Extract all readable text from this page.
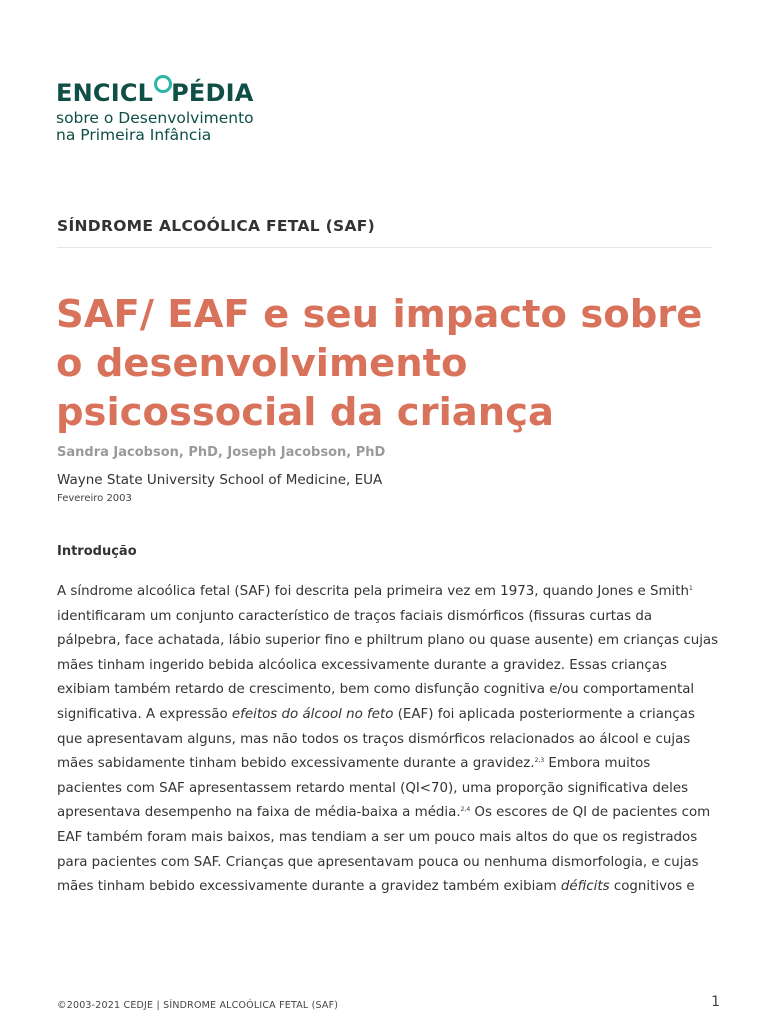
ENCICL PÉDIA
sobre o Desenvolvimento
na Primeira Infância
SÍNDROME ALCOÓLICA FETAL (SAF)
SAF/ EAF e seu impacto sobre
o desenvolvimento
psicossocial da criança
Sandra Jacobson, PhD, Joseph Jacobson, PhD
Wayne State University School of Medicine, EUA
Fevereiro 2003
Introdução
A síndrome alcoólica fetal (SAF) foi descrita pela primeira vez em 1973, quando Jones e Smith$^1$
identificaram um conjunto característico de traços faciais dismórficos (fissuras curtas da
pálpebra, face achatada, lábio superior fino e philtrum plano ou quase ausente) em crianças cujas
mães tinham ingerido bebida alcóolica excessivamente durante a gravidez. Essas crianças
exibiam também retardo de crescimento, bem como disfunção cognitiva e/ou comportamental
significativa. A expressão efeitos do álcool no feto (EAF) foi aplicada posteriormente a crianças
que apresentavam alguns, mas não todos os traços dismórficos relacionados ao álcool e cujas
mães sabidamente tinham bebido excessivamente durante a gravidez.$^{2,3}$ Embora muitos
pacientes com SAF apresentassem retardo mental (QI<70), uma proporção significativa deles
apresentava desempenho na faixa de média-baixa a média.$^{2,4}$ Os escores de QI de pacientes com
EAF também foram mais baixos, mas tendiam a ser um pouco mais altos do que os registrados
para pacientes com SAF. Crianças que apresentavam pouca ou nenhuma dismorfologia, e cujas
mães tinham bebido excessivamente durante a gravidez também exibiam déficits cognitivos e
©2003-2021 CEDJE | SÍNDROME ALCOÓLICA FETAL (SAF)	1
